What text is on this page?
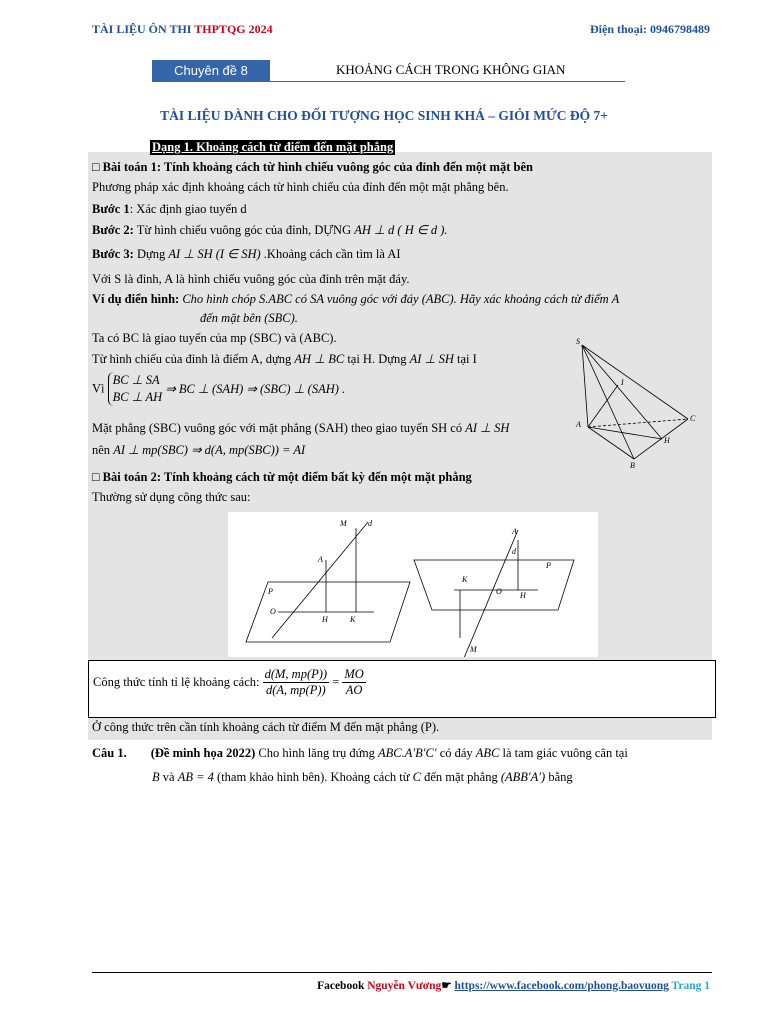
TÀI LIỆU ÔN THI THPTQG 2024	Điện thoại: 0946798489
Chuyên đề 8	KHOẢNG CÁCH TRONG KHÔNG GIAN
TÀI LIỆU DÀNH CHO ĐỐI TƯỢNG HỌC SINH KHÁ – GIỎI MỨC ĐỘ 7+
Dạng 1. Khoảng cách từ điểm đến mặt phẳng
□ Bài toán 1: Tính khoảng cách từ hình chiếu vuông góc của đỉnh đến một mặt bên
Phương pháp xác định khoảng cách từ hình chiếu của đỉnh đến một mặt phẳng bên.
Bước 1: Xác định giao tuyến d
Bước 2: Từ hình chiếu vuông góc của đỉnh, DỰNG AH ⊥ d ( H ∈ d ).
Bước 3: Dựng AI ⊥ SH (I ∈ SH) .Khoảng cách cần tìm là AI
Với S là đỉnh, A là hình chiếu vuông góc của đỉnh trên mặt đáy.
Ví dụ điển hình: Cho hình chóp S.ABC có SA vuông góc với đáy (ABC). Hãy xác khoảng cách từ điểm A
đến mặt bên (SBC).
Ta có BC là giao tuyến của mp (SBC) và (ABC).
Từ hình chiếu của đỉnh là điểm A, dựng AH ⊥ BC tại H. Dựng AI ⊥ SH tại I
Vì BC ⊥ SA
BC ⊥ AH ⇒ BC ⊥ (SAH) ⇒ (SBC) ⊥ (SAH) .
Mặt phẳng (SBC) vuông góc với mặt phẳng (SAH) theo giao tuyến SH có AI ⊥ SH
nên AI ⊥ mp(SBC) ⇒ d(A, mp(SBC)) = AI
S
I
A
C
H
B
□ Bài toán 2: Tính khoảng cách từ một điểm bất kỳ đến một mặt phẳng
Thường sử dụng công thức sau:
M	d
A
P
O
H	K
A
d
K
O H
P
M
Công thức tính tỉ lệ khoảng cách: $\frac{d(M, mp(P))}{d(A, mp(P))} = \frac{MO}{AO}$
Ở công thức trên cần tính khoảng cách từ điểm M đến mặt phẳng (P).
Câu 1. (Đề minh họa 2022) Cho hình lăng trụ đứng ABC.A′B′C′ có đáy ABC là tam giác vuông cân tại
B và AB = 4 (tham khảo hình bên). Khoảng cách từ C đến mặt phẳng (ABB′A′) bằng
Facebook Nguyễn Vương☛ https://www.facebook.com/phong.baovuong Trang 1
